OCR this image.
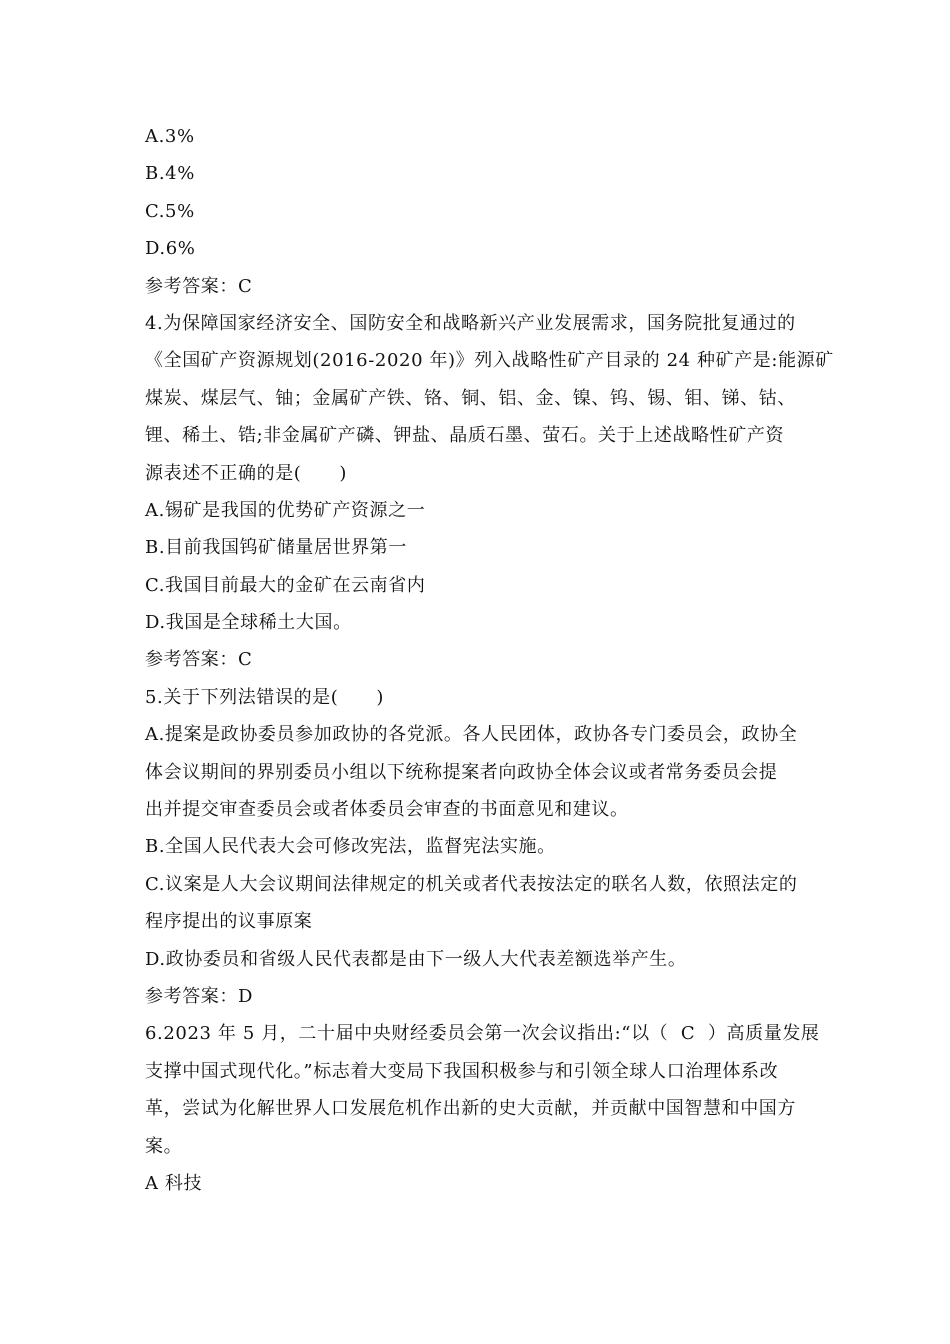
A.3%

B.4%

C.5%

D.6%

参考答案：C

4.为保障国家经济安全、国防安全和战略新兴产业发展需求，国务院批复通过的

《全国矿产资源规划(2016-2020 年)》列入战略性矿产目录的 24 种矿产是:能源矿

煤炭、煤层气、铀；金属矿产铁、铬、铜、铝、金、镍、钨、锡、钼、锑、钴、

锂、稀土、锆;非金属矿产磷、钾盐、晶质石墨、萤石。关于上述战略性矿产资

源表述不正确的是(      )

A.锡矿是我国的优势矿产资源之一

B.目前我国钨矿储量居世界第一

C.我国目前最大的金矿在云南省内

D.我国是全球稀土大国。

参考答案：C

5.关于下列法错误的是(      )

A.提案是政协委员参加政协的各党派。各人民团体，政协各专门委员会，政协全

体会议期间的界别委员小组以下统称提案者向政协全体会议或者常务委员会提

出并提交审查委员会或者体委员会审查的书面意见和建议。

B.全国人民代表大会可修改宪法，监督宪法实施。

C.议案是人大会议期间法律规定的机关或者代表按法定的联名人数，依照法定的

程序提出的议事原案

D.政协委员和省级人民代表都是由下一级人大代表差额选举产生。

参考答案：D

6.2023 年 5 月，二十届中央财经委员会第一次会议指出:“以（  C  ）高质量发展

支撑中国式现代化。”标志着大变局下我国积极参与和引领全球人口治理体系改

革，尝试为化解世界人口发展危机作出新的史大贡献，并贡献中国智慧和中国方

案。

A 科技
